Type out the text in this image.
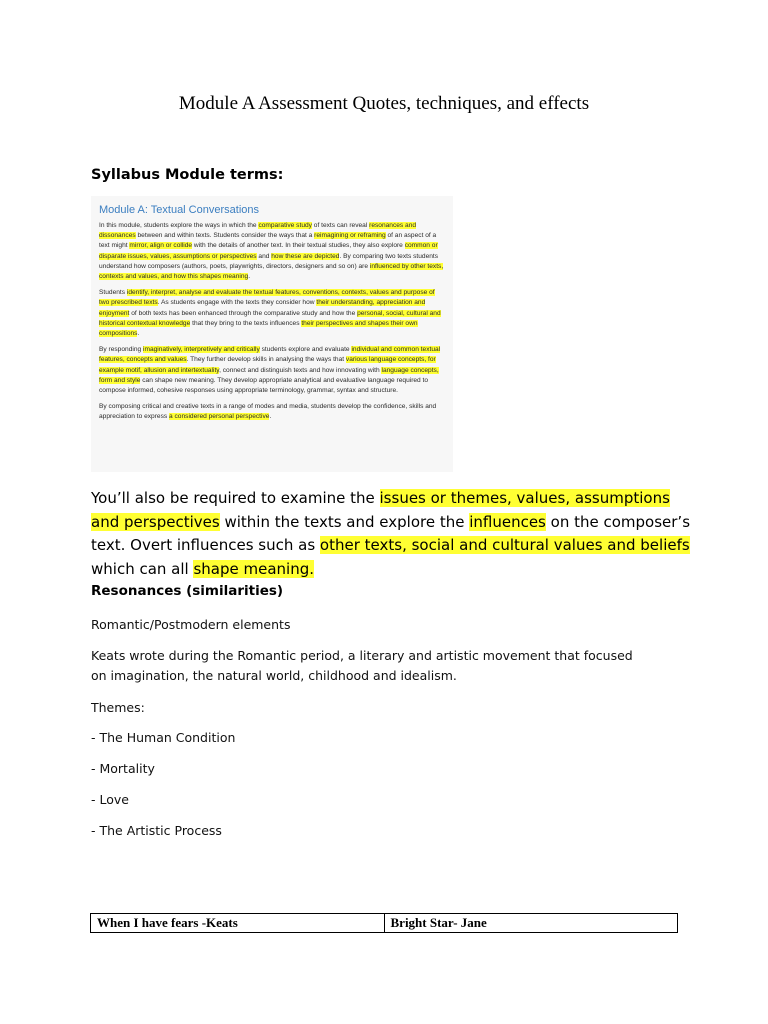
Module A Assessment Quotes, techniques, and effects
Syllabus Module terms:
Module A: Textual Conversations

In this module, students explore the ways in which the comparative study of texts can reveal resonances and dissonances between and within texts. Students consider the ways that a reimagining or reframing of an aspect of a text might mirror, align or collide with the details of another text. In their textual studies, they also explore common or disparate issues, values, assumptions or perspectives and how these are depicted. By comparing two texts students understand how composers (authors, poets, playwrights, directors, designers and so on) are influenced by other texts, contexts and values, and how this shapes meaning.

Students identify, interpret, analyse and evaluate the textual features, conventions, contexts, values and purpose of two prescribed texts. As students engage with the texts they consider how their understanding, appreciation and enjoyment of both texts has been enhanced through the comparative study and how the personal, social, cultural and historical contextual knowledge that they bring to the texts influences their perspectives and shapes their own compositions.

By responding imaginatively, interpretively and critically students explore and evaluate individual and common textual features, concepts and values. They further develop skills in analysing the ways that various language concepts, for example motif, allusion and intertextuality, connect and distinguish texts and how innovating with language concepts, form and style can shape new meaning. They develop appropriate analytical and evaluative language required to compose informed, cohesive responses using appropriate terminology, grammar, syntax and structure.

By composing critical and creative texts in a range of modes and media, students develop the confidence, skills and appreciation to express a considered personal perspective.

You’ll also be required to examine the issues or themes, values, assumptions and perspectives within the texts and explore the influences on the composer’s text. Overt influences such as other texts, social and cultural values and beliefs which can all shape meaning.
Resonances (similarities)
Romantic/Postmodern elements
Keats wrote during the Romantic period, a literary and artistic movement that focused on imagination, the natural world, childhood and idealism.
Themes:
- The Human Condition
- Mortality
- Love
- The Artistic Process
When I have fears -Keats	Bright Star- Jane
